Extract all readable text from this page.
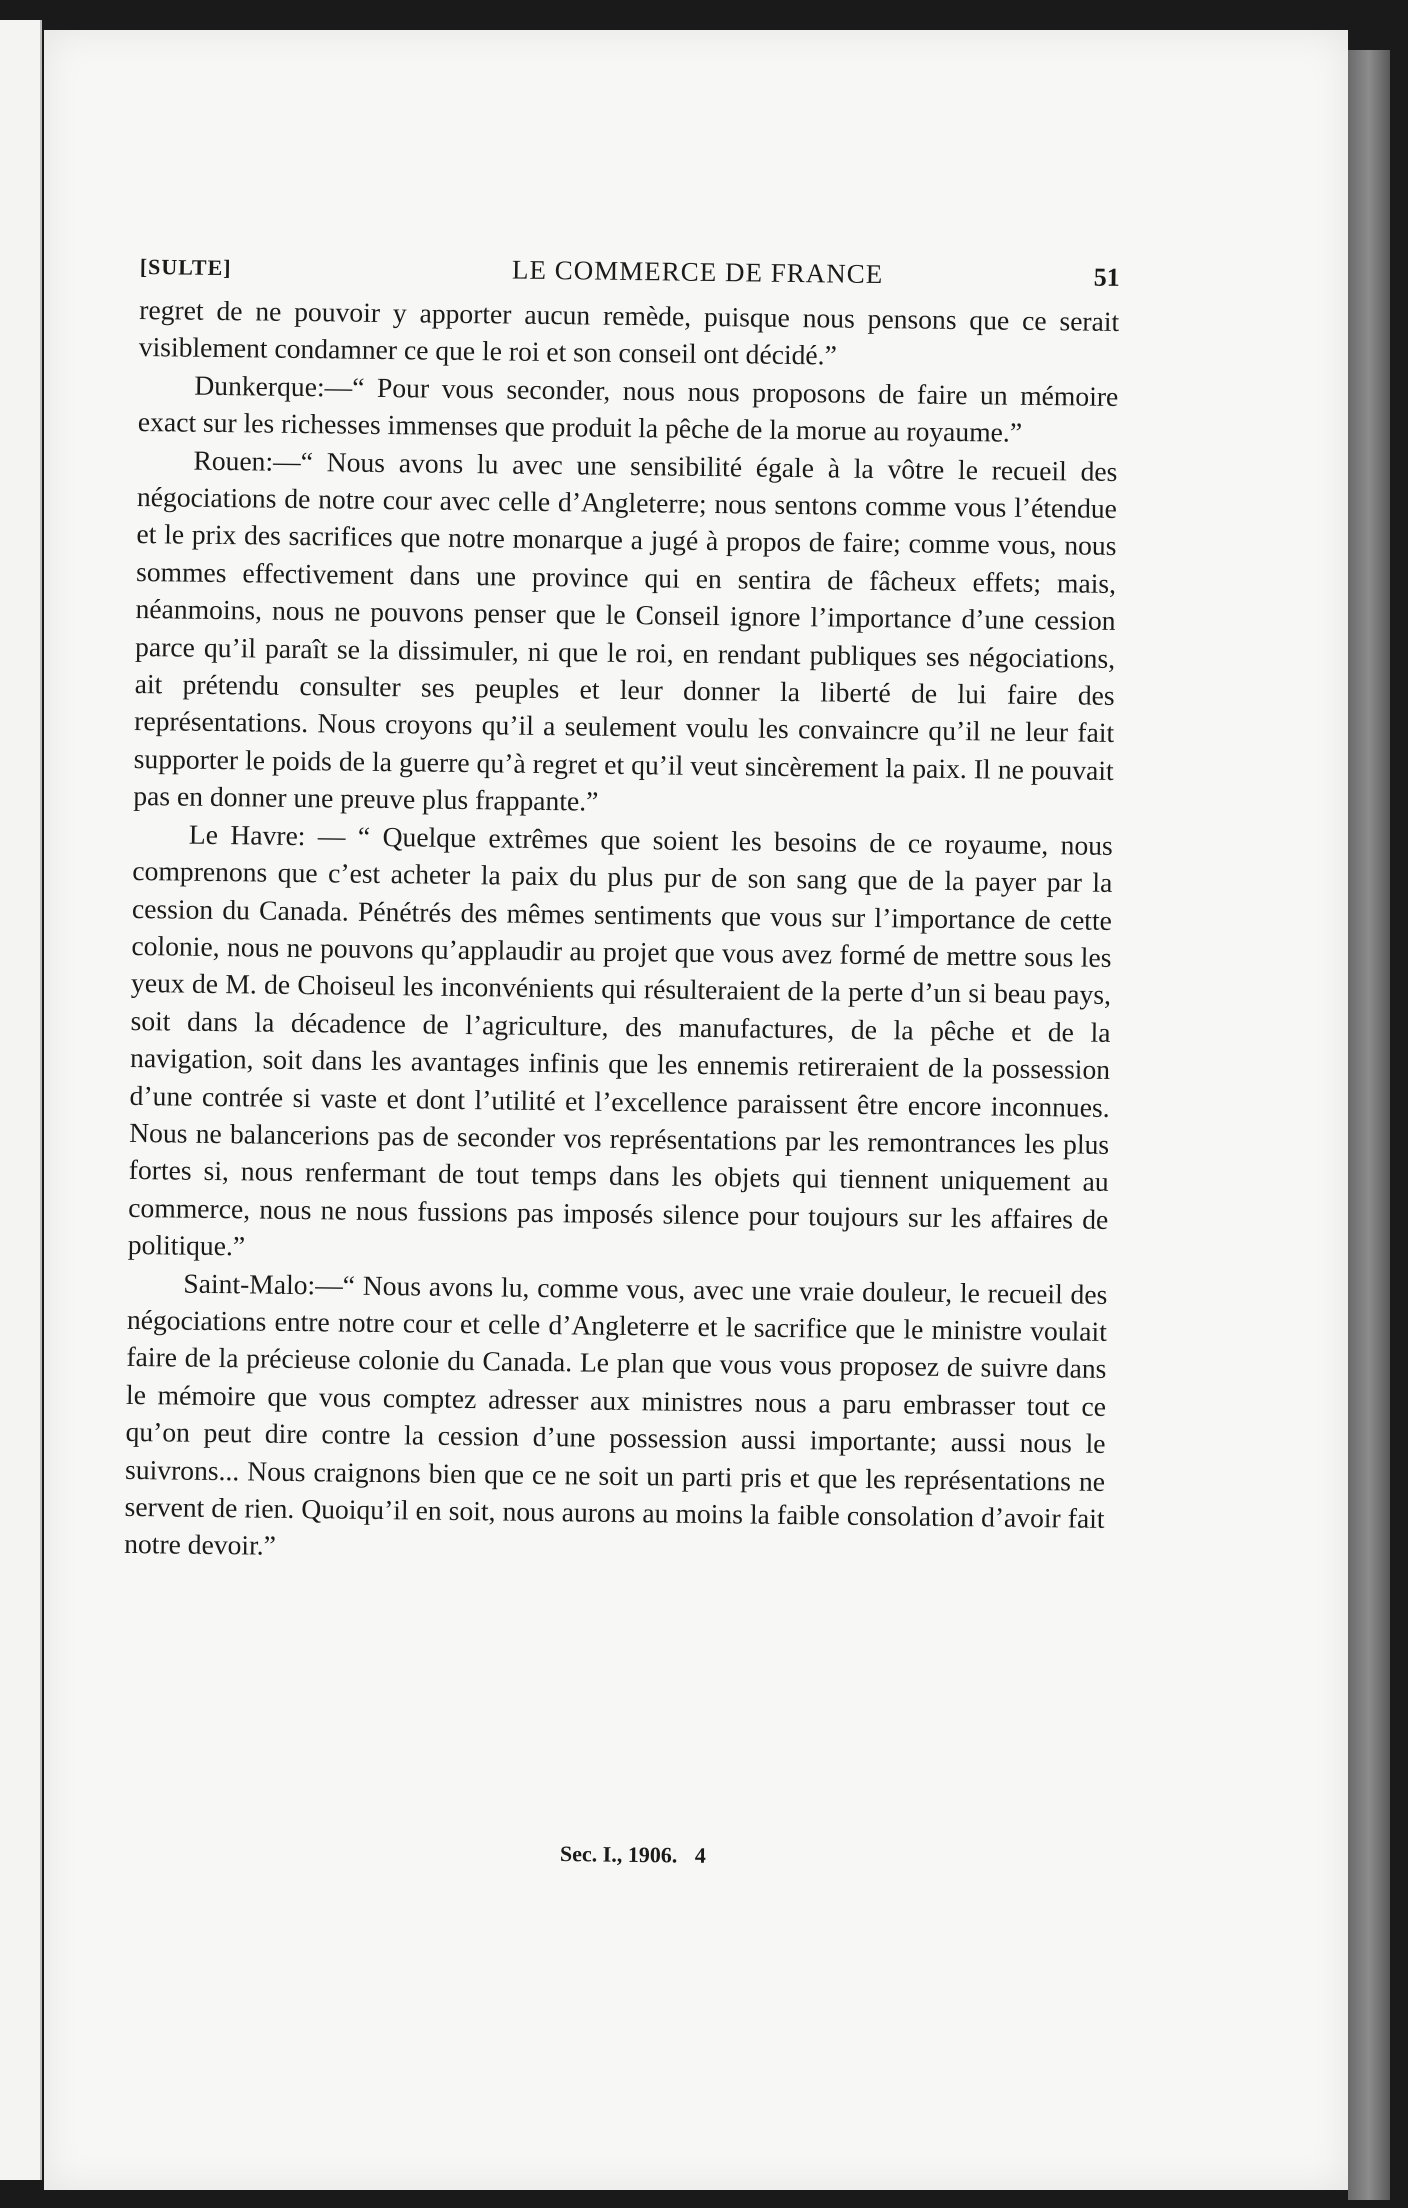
[SULTE]	LE COMMERCE DE FRANCE	51

regret de ne pouvoir y apporter aucun remède, puisque nous pensons que ce serait visiblement condamner ce que le roi et son conseil ont décidé.”

Dunkerque:—“ Pour vous seconder, nous nous proposons de faire un mémoire exact sur les richesses immenses que produit la pêche de la morue au royaume.”

Rouen:—“ Nous avons lu avec une sensibilité égale à la vôtre le recueil des négociations de notre cour avec celle d’Angleterre; nous sentons comme vous l’étendue et le prix des sacrifices que notre monarque a jugé à propos de faire; comme vous, nous sommes effectivement dans une province qui en sentira de fâcheux effets; mais, néanmoins, nous ne pouvons penser que le Conseil ignore l’importance d’une cession parce qu’il paraît se la dissimuler, ni que le roi, en rendant publiques ses négociations, ait prétendu consulter ses peuples et leur donner la liberté de lui faire des représentations. Nous croyons qu’il a seulement voulu les convaincre qu’il ne leur fait supporter le poids de la guerre qu’à regret et qu’il veut sincèrement la paix. Il ne pouvait pas en donner une preuve plus frappante.”

Le Havre: — “ Quelque extrêmes que soient les besoins de ce royaume, nous comprenons que c’est acheter la paix du plus pur de son sang que de la payer par la cession du Canada. Pénétrés des mêmes sentiments que vous sur l’importance de cette colonie, nous ne pouvons qu’applaudir au projet que vous avez formé de mettre sous les yeux de M. de Choiseul les inconvénients qui résulteraient de la perte d’un si beau pays, soit dans la décadence de l’agriculture, des manufactures, de la pêche et de la navigation, soit dans les avantages infinis que les ennemis retireraient de la possession d’une contrée si vaste et dont l’utilité et l’excellence paraissent être encore inconnues. Nous ne balancerions pas de seconder vos représentations par les remontrances les plus fortes si, nous renfermant de tout temps dans les objets qui tiennent uniquement au commerce, nous ne nous fussions pas imposés silence pour toujours sur les affaires de politique.”

Saint-Malo:—“ Nous avons lu, comme vous, avec une vraie douleur, le recueil des négociations entre notre cour et celle d’Angleterre et le sacrifice que le ministre voulait faire de la précieuse colonie du Canada. Le plan que vous vous proposez de suivre dans le mémoire que vous comptez adresser aux ministres nous a paru embrasser tout ce qu’on peut dire contre la cession d’une possession aussi importante; aussi nous le suivrons... Nous craignons bien que ce ne soit un parti pris et que les représentations ne servent de rien. Quoiqu’il en soit, nous aurons au moins la faible consolation d’avoir fait notre devoir.”

Sec. I., 1906. 4
